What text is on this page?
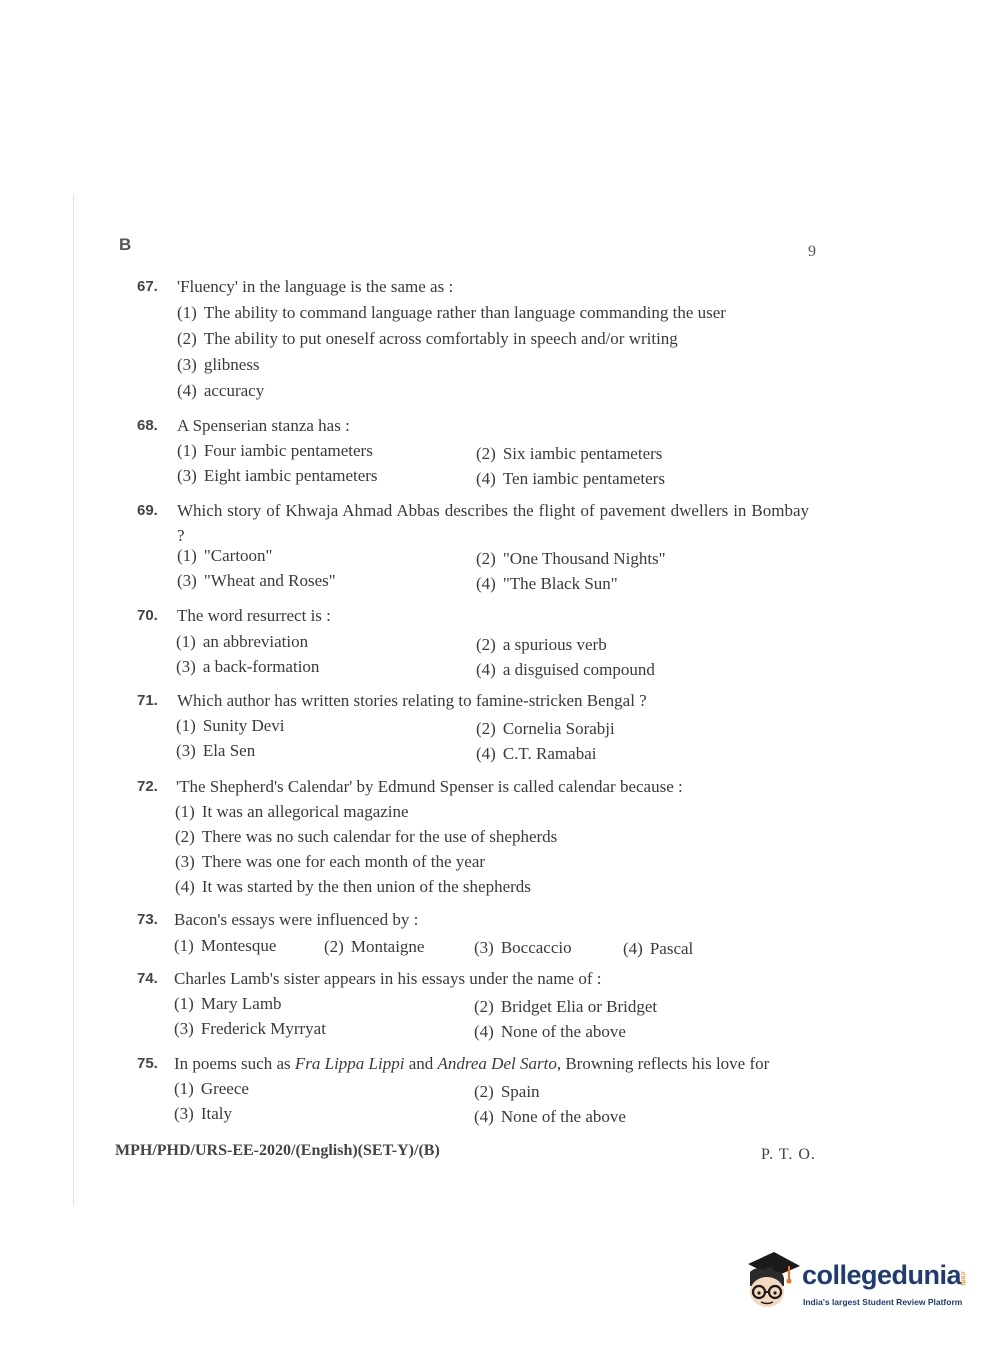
B	9
67. 'Fluency' in the language is the same as :
(1) The ability to command language rather than language commanding the user
(2) The ability to put oneself across comfortably in speech and/or writing
(3) glibness
(4) accuracy
68. A Spenserian stanza has :
(1) Four iambic pentameters	(2) Six iambic pentameters
(3) Eight iambic pentameters	(4) Ten iambic pentameters
69. Which story of Khwaja Ahmad Abbas describes the flight of pavement dwellers in Bombay ?
(1) "Cartoon"	(2) "One Thousand Nights"
(3) "Wheat and Roses"	(4) "The Black Sun"
70. The word resurrect is :
(1) an abbreviation	(2) a spurious verb
(3) a back-formation	(4) a disguised compound
71. Which author has written stories relating to famine-stricken Bengal ?
(1) Sunity Devi	(2) Cornelia Sorabji
(3) Ela Sen	(4) C.T. Ramabai
72. 'The Shepherd's Calendar' by Edmund Spenser is called calendar because :
(1) It was an allegorical magazine
(2) There was no such calendar for the use of shepherds
(3) There was one for each month of the year
(4) It was started by the then union of the shepherds
73. Bacon's essays were influenced by :
(1) Montesque	(2) Montaigne	(3) Boccaccio	(4) Pascal
74. Charles Lamb's sister appears in his essays under the name of :
(1) Mary Lamb	(2) Bridget Elia or Bridget
(3) Frederick Myrryat	(4) None of the above
75. In poems such as Fra Lippa Lippi and Andrea Del Sarto, Browning reflects his love for
(1) Greece	(2) Spain
(3) Italy	(4) None of the above
MPH/PHD/URS-EE-2020/(English)(SET-Y)/(B)	P. T. O.
collegedunia
.com
India's largest Student Review Platform
